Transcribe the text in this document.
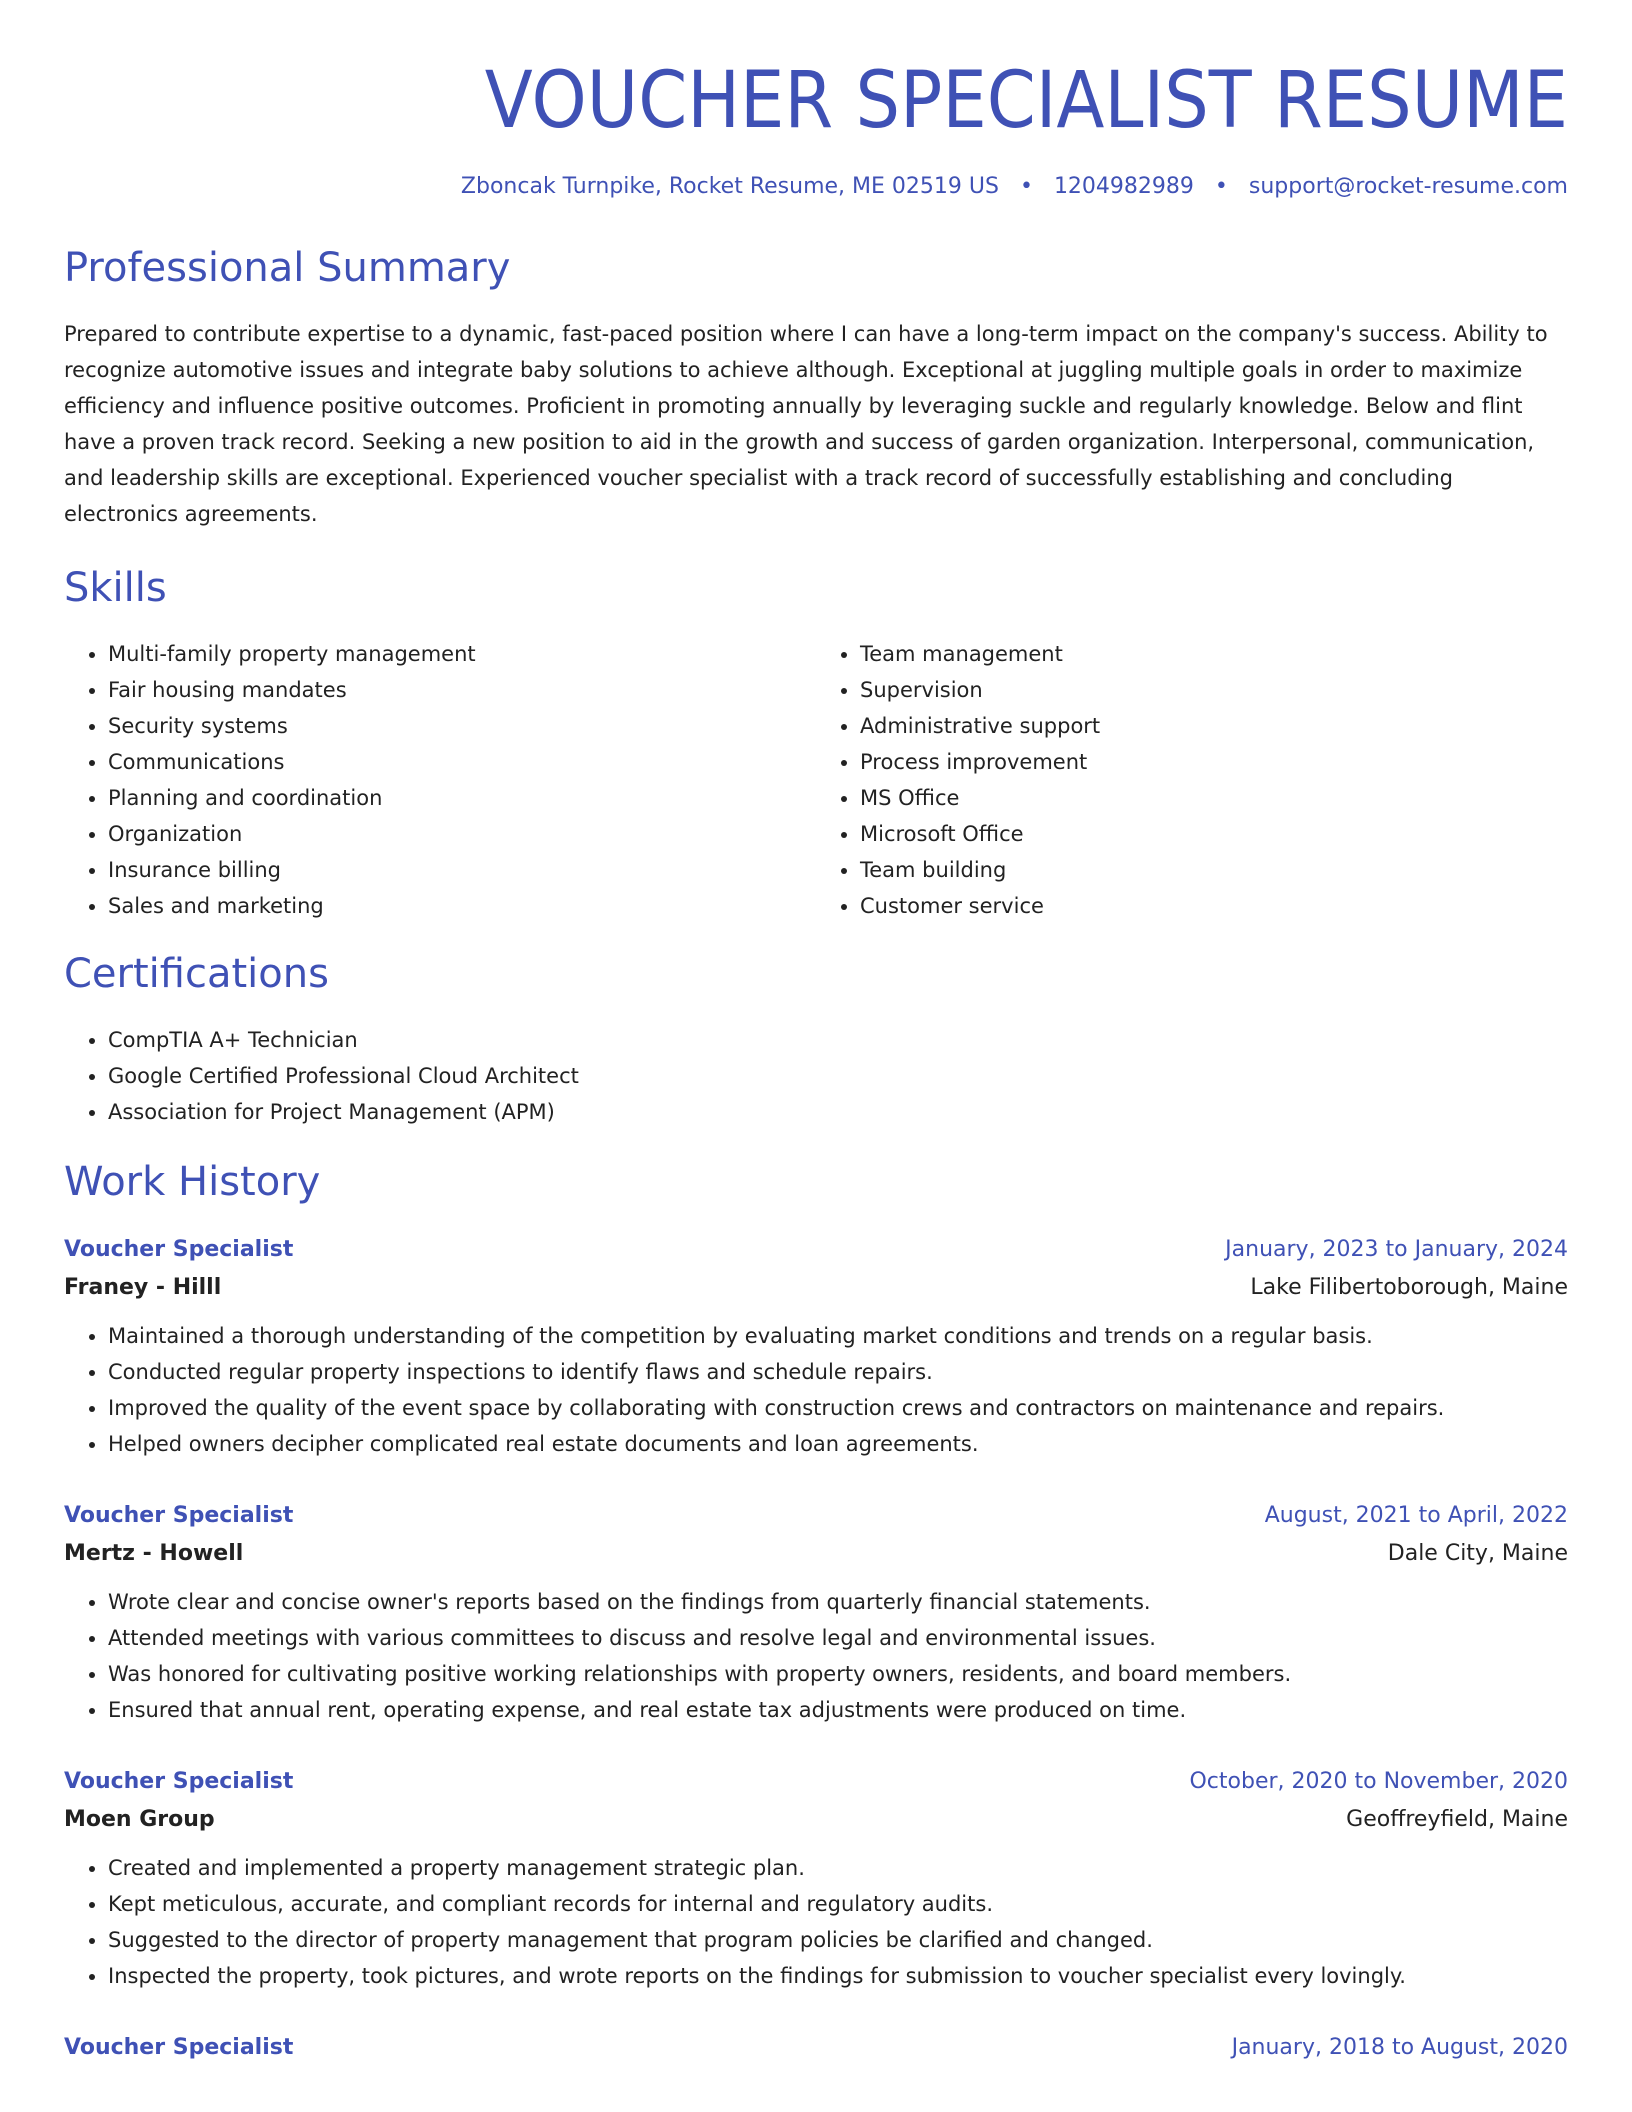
VOUCHER SPECIALIST RESUME
Zboncak Turnpike, Rocket Resume, ME 02519 US • 1204982989 • support@rocket-resume.com
Professional Summary
Prepared to contribute expertise to a dynamic, fast-paced position where I can have a long-term impact on the company's success. Ability to recognize automotive issues and integrate baby solutions to achieve although. Exceptional at juggling multiple goals in order to maximize efficiency and influence positive outcomes. Proficient in promoting annually by leveraging suckle and regularly knowledge. Below and flint have a proven track record. Seeking a new position to aid in the growth and success of garden organization. Interpersonal, communication, and leadership skills are exceptional. Experienced voucher specialist with a track record of successfully establishing and concluding electronics agreements.
Skills
• Multi-family property management
• Fair housing mandates
• Security systems
• Communications
• Planning and coordination
• Organization
• Insurance billing
• Sales and marketing
• Team management
• Supervision
• Administrative support
• Process improvement
• MS Office
• Microsoft Office
• Team building
• Customer service
Certifications
• CompTIA A+ Technician
• Google Certified Professional Cloud Architect
• Association for Project Management (APM)
Work History
Voucher Specialist	January, 2023 to January, 2024
Franey - Hilll	Lake Filibertoborough, Maine
• Maintained a thorough understanding of the competition by evaluating market conditions and trends on a regular basis.
• Conducted regular property inspections to identify flaws and schedule repairs.
• Improved the quality of the event space by collaborating with construction crews and contractors on maintenance and repairs.
• Helped owners decipher complicated real estate documents and loan agreements.
Voucher Specialist	August, 2021 to April, 2022
Mertz - Howell	Dale City, Maine
• Wrote clear and concise owner's reports based on the findings from quarterly financial statements.
• Attended meetings with various committees to discuss and resolve legal and environmental issues.
• Was honored for cultivating positive working relationships with property owners, residents, and board members.
• Ensured that annual rent, operating expense, and real estate tax adjustments were produced on time.
Voucher Specialist	October, 2020 to November, 2020
Moen Group	Geoffreyfield, Maine
• Created and implemented a property management strategic plan.
• Kept meticulous, accurate, and compliant records for internal and regulatory audits.
• Suggested to the director of property management that program policies be clarified and changed.
• Inspected the property, took pictures, and wrote reports on the findings for submission to voucher specialist every lovingly.
Voucher Specialist	January, 2018 to August, 2020
